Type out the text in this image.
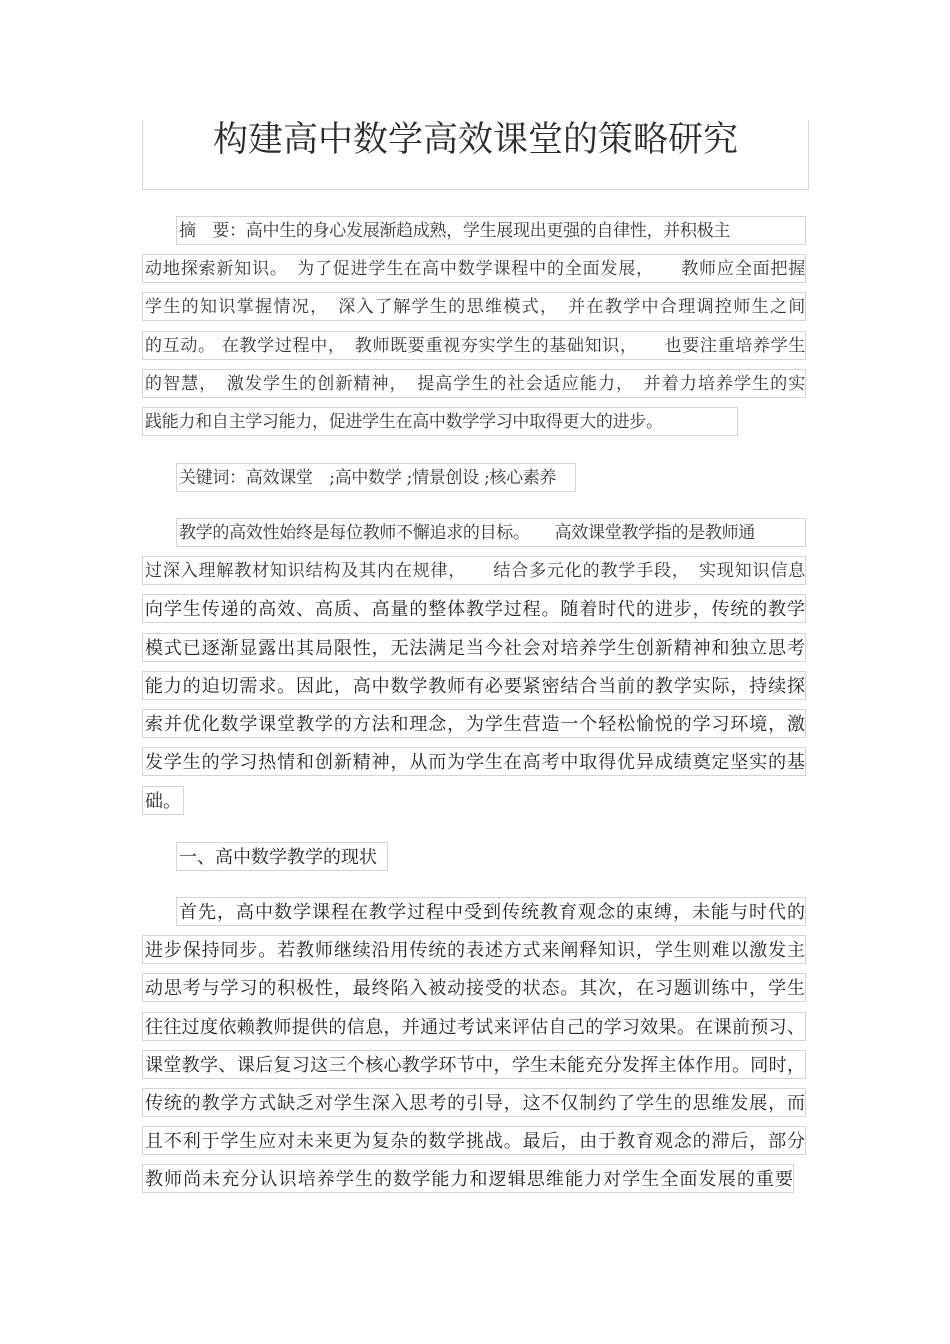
构建高中数学高效课堂的策略研究
摘　要：高中生的身心发展渐趋成熟，学生展现出更强的自律性，并积极主
动地探索新知识。　为了促进学生在高中数学课程中的全面发展，　　教师应全面把握
学生的知识掌握情况，　深入了解学生的思维模式，　并在教学中合理调控师生之间
的互动。 在教学过程中，　教师既要重视夯实学生的基础知识，　　也要注重培养学生
的智慧，　激发学生的创新精神，　提高学生的社会适应能力，　并着力培养学生的实
践能力和自主学习能力，促进学生在高中数学学习中取得更大的进步。
关键词：高效课堂　;高中数学 ;情景创设 ;核心素养
教学的高效性始终是每位教师不懈追求的目标。　　高效课堂教学指的是教师通
过深入理解教材知识结构及其内在规律，　　结合多元化的教学手段，　实现知识信息
向学生传递的高效、高质、高量的整体教学过程。随着时代的进步，传统的教学
模式已逐渐显露出其局限性，无法满足当今社会对培养学生创新精神和独立思考
能力的迫切需求。因此，高中数学教师有必要紧密结合当前的教学实际，持续探
索并优化数学课堂教学的方法和理念，为学生营造一个轻松愉悦的学习环境，激
发学生的学习热情和创新精神，从而为学生在高考中取得优异成绩奠定坚实的基
础。
一、高中数学教学的现状
首先，高中数学课程在教学过程中受到传统教育观念的束缚，未能与时代的
进步保持同步。若教师继续沿用传统的表述方式来阐释知识，学生则难以激发主
动思考与学习的积极性，最终陷入被动接受的状态。其次，在习题训练中，学生
往往过度依赖教师提供的信息，并通过考试来评估自己的学习效果。在课前预习、
课堂教学、课后复习这三个核心教学环节中，学生未能充分发挥主体作用。同时，
传统的教学方式缺乏对学生深入思考的引导，这不仅制约了学生的思维发展，而
且不利于学生应对未来更为复杂的数学挑战。最后，由于教育观念的滞后，部分
教师尚未充分认识培养学生的数学能力和逻辑思维能力对学生全面发展的重要
